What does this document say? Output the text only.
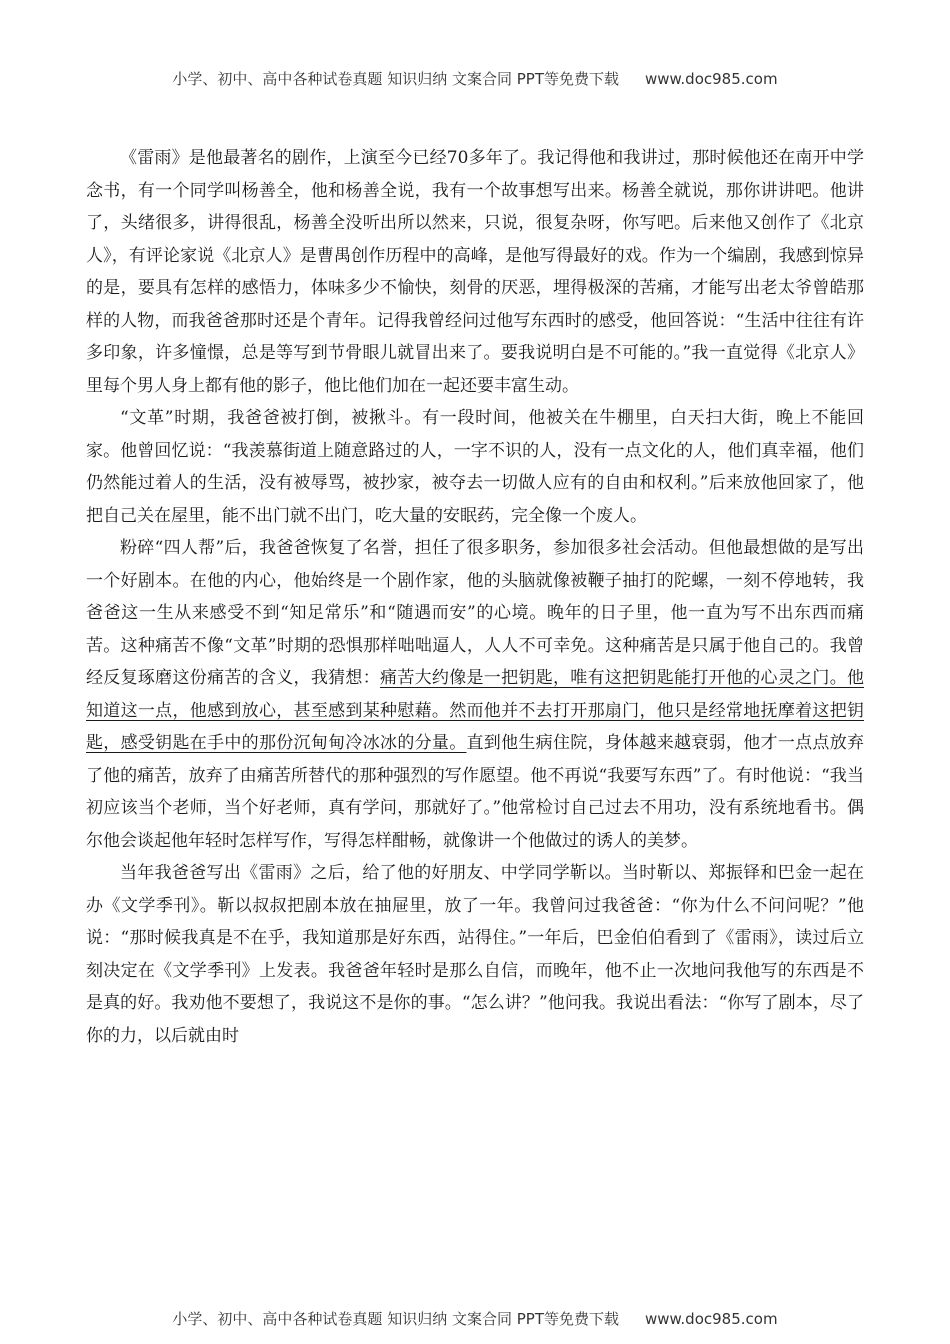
小学、初中、高中各种试卷真题 知识归纳 文案合同 PPT等免费下载 www.doc985.com

《雷雨》是他最著名的剧作，上演至今已经70多年了。我记得他和我讲过，那时候他还在南开中学念书，有一个同学叫杨善全，他和杨善全说，我有一个故事想写出来。杨善全就说，那你讲讲吧。他讲了，头绪很多，讲得很乱，杨善全没听出所以然来，只说，很复杂呀，你写吧。后来他又创作了《北京人》，有评论家说《北京人》是曹禺创作历程中的高峰，是他写得最好的戏。作为一个编剧，我感到惊异的是，要具有怎样的感悟力，体味多少不愉快，刻骨的厌恶，埋得极深的苦痛，才能写出老太爷曾皓那样的人物，而我爸爸那时还是个青年。记得我曾经问过他写东西时的感受，他回答说：“生活中往往有许多印象，许多憧憬，总是等写到节骨眼儿就冒出来了。要我说明白是不可能的。”我一直觉得《北京人》里每个男人身上都有他的影子，他比他们加在一起还要丰富生动。

“文革”时期，我爸爸被打倒，被揪斗。有一段时间，他被关在牛棚里，白天扫大街，晚上不能回家。他曾回忆说：“我羡慕街道上随意路过的人，一字不识的人，没有一点文化的人，他们真幸福，他们仍然能过着人的生活，没有被辱骂，被抄家，被夺去一切做人应有的自由和权利。”后来放他回家了，他把自己关在屋里，能不出门就不出门，吃大量的安眠药，完全像一个废人。

粉碎“四人帮”后，我爸爸恢复了名誉，担任了很多职务，参加很多社会活动。但他最想做的是写出一个好剧本。在他的内心，他始终是一个剧作家，他的头脑就像被鞭子抽打的陀螺，一刻不停地转，我爸爸这一生从来感受不到“知足常乐”和“随遇而安”的心境。晚年的日子里，他一直为写不出东西而痛苦。这种痛苦不像“文革”时期的恐惧那样咄咄逼人，人人不可幸免。这种痛苦是只属于他自己的。我曾经反复琢磨这份痛苦的含义，我猜想：痛苦大约像是一把钥匙，唯有这把钥匙能打开他的心灵之门。他知道这一点，他感到放心，甚至感到某种慰藉。然而他并不去打开那扇门，他只是经常地抚摩着这把钥匙，感受钥匙在手中的那份沉甸甸冷冰冰的分量。直到他生病住院，身体越来越衰弱，他才一点点放弃了他的痛苦，放弃了由痛苦所替代的那种强烈的写作愿望。他不再说“我要写东西”了。有时他说：“我当初应该当个老师，当个好老师，真有学问，那就好了。”他常检讨自己过去不用功，没有系统地看书。偶尔他会谈起他年轻时怎样写作，写得怎样酣畅，就像讲一个他做过的诱人的美梦。

当年我爸爸写出《雷雨》之后，给了他的好朋友、中学同学靳以。当时靳以、郑振铎和巴金一起在办《文学季刊》。靳以叔叔把剧本放在抽屉里，放了一年。我曾问过我爸爸：“你为什么不问问呢？”他说：“那时候我真是不在乎，我知道那是好东西，站得住。”一年后，巴金伯伯看到了《雷雨》，读过后立刻决定在《文学季刊》上发表。我爸爸年轻时是那么自信，而晚年，他不止一次地问我他写的东西是不是真的好。我劝他不要想了，我说这不是你的事。“怎么讲？”他问我。我说出看法：“你写了剧本，尽了你的力，以后就由时

小学、初中、高中各种试卷真题 知识归纳 文案合同 PPT等免费下载 www.doc985.com
